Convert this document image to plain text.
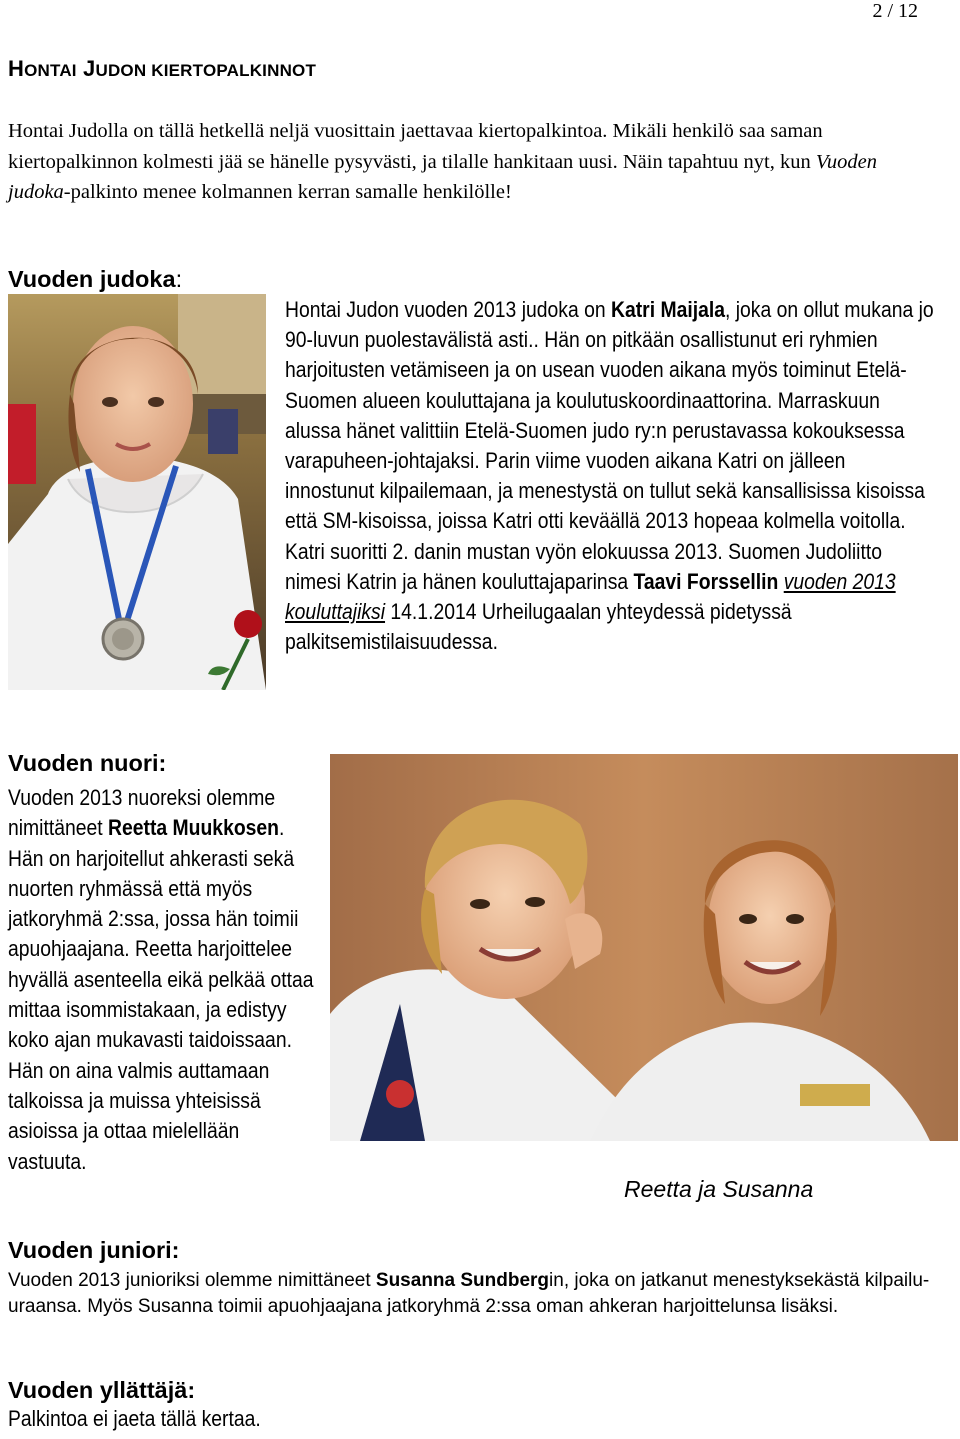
2 / 12
HONTAI JUDON KIERTOPALKINNOT

Hontai Judolla on tällä hetkellä neljä vuosittain jaettavaa kiertopalkintoa. Mikäli henkilö saa saman kiertopalkinnon kolmesti jää se hänelle pysyvästi, ja tilalle hankitaan uusi. Näin tapahtuu nyt, kun Vuoden judoka-palkinto menee kolmannen kerran samalle henkilölle!

Vuoden judoka:

Hontai Judon vuoden 2013 judoka on Katri Maijala, joka on ollut mukana jo 90-luvun puolestavälistä asti.. Hän on pitkään osallistunut eri ryhmien harjoitusten vetämiseen ja on usean vuoden aikana myös toiminut Etelä-Suomen alueen kouluttajana ja koulutuskoordinaattorina. Marraskuun alussa hänet valittiin Etelä-Suomen judo ry:n perustavassa kokouksessa varapuheen-johtajaksi. Parin viime vuoden aikana Katri on jälleen innostunut kilpailemaan, ja menestystä on tullut sekä kansallisissa kisoissa että SM-kisoissa, joissa Katri otti keväällä 2013 hopeaa kolmella voitolla. Katri suoritti 2. danin mustan vyön elokuussa 2013. Suomen Judoliitto nimesi Katrin ja hänen kouluttajaparinsa Taavi Forssellin vuoden 2013 kouluttajiksi 14.1.2014 Urheilugaalan yhteydessä pidetyssä palkitsemistilaisuudessa.

Vuoden nuori:

Vuoden 2013 nuoreksi olemme nimittäneet Reetta Muukkosen. Hän on harjoitellut ahkerasti sekä nuorten ryhmässä että myös jatkoryhmä 2:ssa, jossa hän toimii apuohjaajana. Reetta harjoittelee hyvällä asenteella eikä pelkää ottaa mittaa isommistakaan, ja edistyy koko ajan mukavasti taidoissaan. Hän on aina valmis auttamaan talkoissa ja muissa yhteisissä asioissa ja ottaa mielellään vastuuta.

Reetta ja Susanna
Vuoden juniori:

Vuoden 2013 junioriksi olemme nimittäneet Susanna Sundbergin, joka on jatkanut menestyksekästä kilpailu-uraansa. Myös Susanna toimii apuohjaajana jatkoryhmä 2:ssa oman ahkeran harjoittelunsa lisäksi.

Vuoden yllättäjä:
Palkintoa ei jaeta tällä kertaa.
